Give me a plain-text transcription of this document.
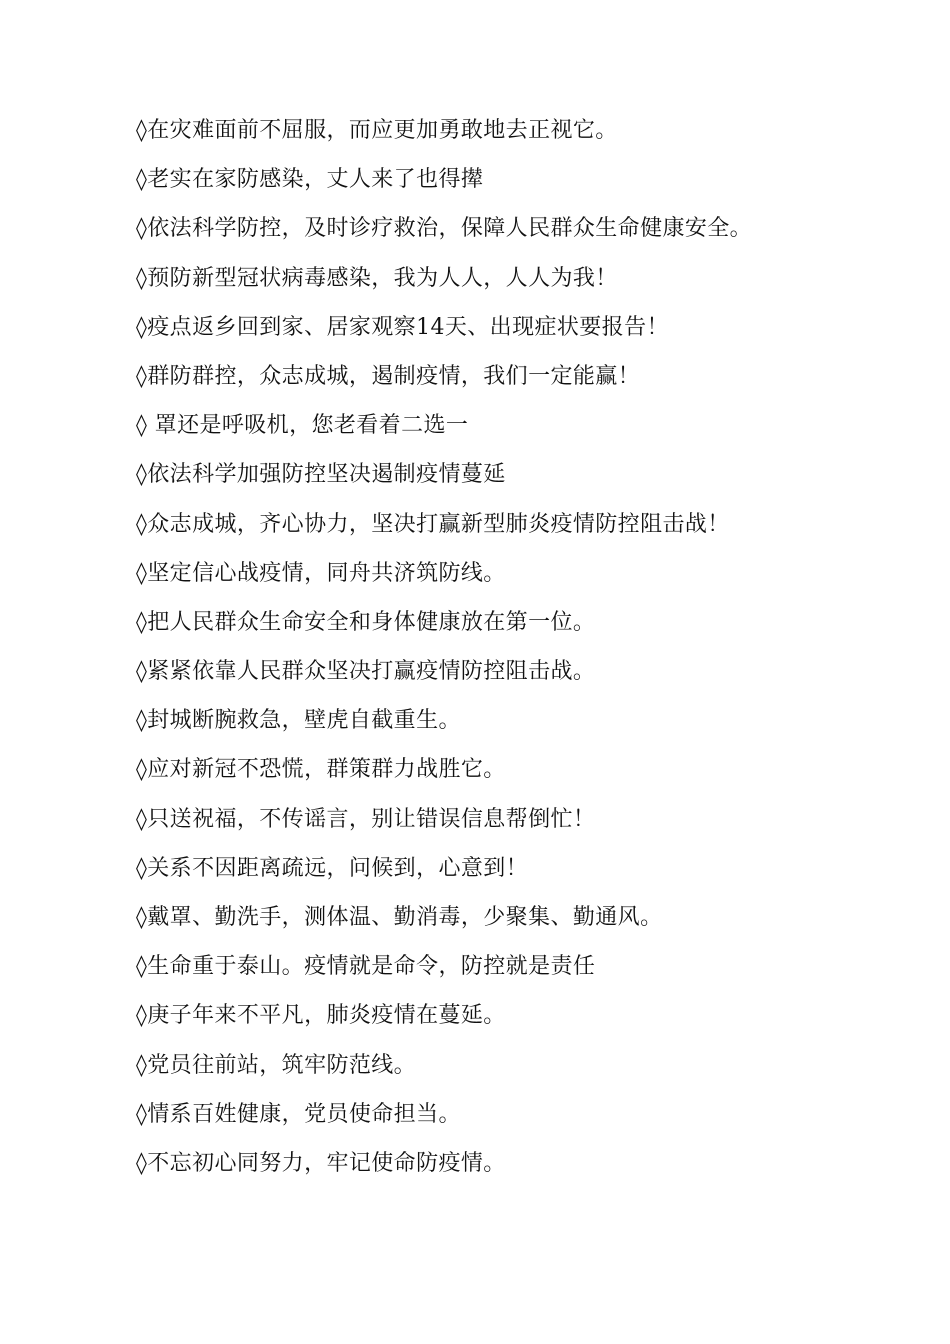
◊在灾难面前不屈服，而应更加勇敢地去正视它。
◊老实在家防感染，丈人来了也得撵
◊依法科学防控，及时诊疗救治，保障人民群众生命健康安全。
◊预防新型冠状病毒感染，我为人人，人人为我！
◊疫点返乡回到家、居家观察14天、出现症状要报告！
◊群防群控，众志成城，遏制疫情，我们一定能赢！
◊ 罩还是呼吸机，您老看着二选一
◊依法科学加强防控坚决遏制疫情蔓延
◊众志成城，齐心协力，坚决打赢新型肺炎疫情防控阻击战！
◊坚定信心战疫情，同舟共济筑防线。
◊把人民群众生命安全和身体健康放在第一位。
◊紧紧依靠人民群众坚决打赢疫情防控阻击战。
◊封城断腕救急，壁虎自截重生。
◊应对新冠不恐慌，群策群力战胜它。
◊只送祝福，不传谣言，别让错误信息帮倒忙！
◊关系不因距离疏远，问候到，心意到！
◊戴罩、勤洗手，测体温、勤消毒，少聚集、勤通风。
◊生命重于泰山。疫情就是命令，防控就是责任
◊庚子年来不平凡，肺炎疫情在蔓延。
◊党员往前站，筑牢防范线。
◊情系百姓健康，党员使命担当。
◊不忘初心同努力，牢记使命防疫情。
